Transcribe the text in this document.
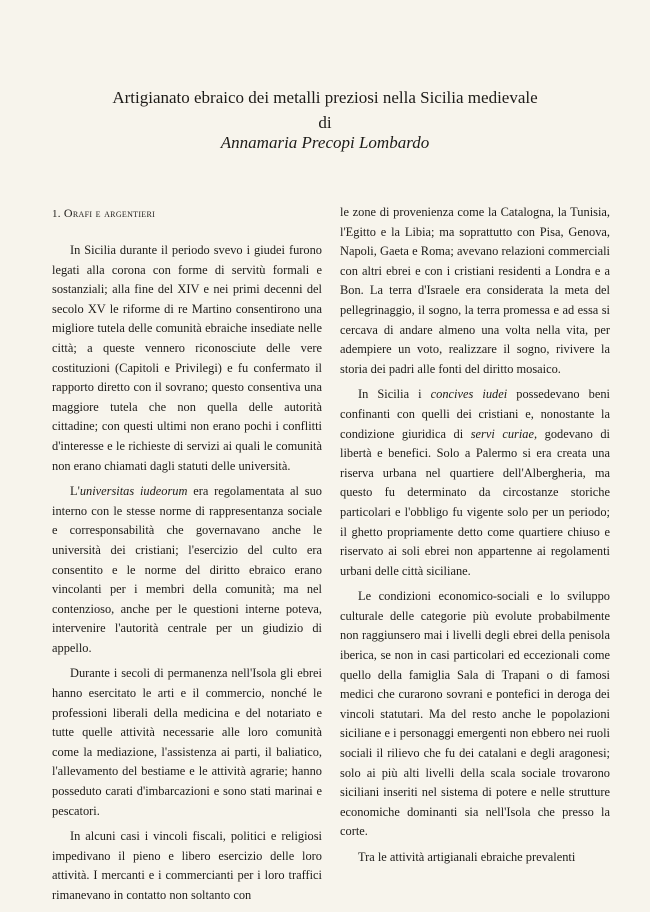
Artigianato ebraico dei metalli preziosi nella Sicilia medievale
di
Annamaria Precopi Lombardo
1. Orafi e argentieri

In Sicilia durante il periodo svevo i giudei furono legati alla corona con forme di servitù formali e sostanziali; alla fine del XIV e nei primi decenni del secolo XV le riforme di re Martino consentirono una migliore tutela delle comunità ebraiche insediate nelle città; a queste vennero riconosciute delle vere costituzioni (Capitoli e Privilegi) e fu confermato il rapporto diretto con il sovrano; questo consentiva una maggiore tutela che non quella delle autorità cittadine; con questi ultimi non erano pochi i conflitti d'interesse e le richieste di servizi ai quali le comunità non erano chiamati dagli statuti delle università.

L'universitas iudeorum era regolamentata al suo interno con le stesse norme di rappresentanza sociale e corresponsabilità che governavano anche le università dei cristiani; l'esercizio del culto era consentito e le norme del diritto ebraico erano vincolanti per i membri della comunità; ma nel contenzioso, anche per le questioni interne poteva, intervenire l'autorità centrale per un giudizio di appello.

Durante i secoli di permanenza nell'Isola gli ebrei hanno esercitato le arti e il commercio, nonché le professioni liberali della medicina e del notariato e tutte quelle attività necessarie alle loro comunità come la mediazione, l'assistenza ai parti, il baliatico, l'allevamento del bestiame e le attività agrarie; hanno posseduto carati d'imbarcazioni e sono stati marinai e pescatori.

In alcuni casi i vincoli fiscali, politici e religiosi impedivano il pieno e libero esercizio delle loro attività. I mercanti e i commercianti per i loro traffici rimanevano in contatto non soltanto con

le zone di provenienza come la Catalogna, la Tunisia, l'Egitto e la Libia; ma soprattutto con Pisa, Genova, Napoli, Gaeta e Roma; avevano relazioni commerciali con altri ebrei e con i cristiani residenti a Londra e a Bon. La terra d'Israele era considerata la meta del pellegrinaggio, il sogno, la terra promessa e ad essa si cercava di andare almeno una volta nella vita, per adempiere un voto, realizzare il sogno, rivivere la storia dei padri alle fonti del diritto mosaico.

In Sicilia i concives iudei possedevano beni confinanti con quelli dei cristiani e, nonostante la condizione giuridica di servi curiae, godevano di libertà e benefici. Solo a Palermo si era creata una riserva urbana nel quartiere dell'Albergheria, ma questo fu determinato da circostanze storiche particolari e l'obbligo fu vigente solo per un periodo; il ghetto propriamente detto come quartiere chiuso e riservato ai soli ebrei non appartenne ai regolamenti urbani delle città siciliane.

Le condizioni economico-sociali e lo sviluppo culturale delle categorie più evolute probabilmente non raggiunsero mai i livelli degli ebrei della penisola iberica, se non in casi particolari ed eccezionali come quello della famiglia Sala di Trapani o di famosi medici che curarono sovrani e pontefici in deroga dei vincoli statutari. Ma del resto anche le popolazioni siciliane e i personaggi emergenti non ebbero nei ruoli sociali il rilievo che fu dei catalani e degli aragonesi; solo ai più alti livelli della scala sociale trovarono siciliani inseriti nel sistema di potere e nelle strutture economiche dominanti sia nell'Isola che presso la corte.

Tra le attività artigianali ebraiche prevalenti
